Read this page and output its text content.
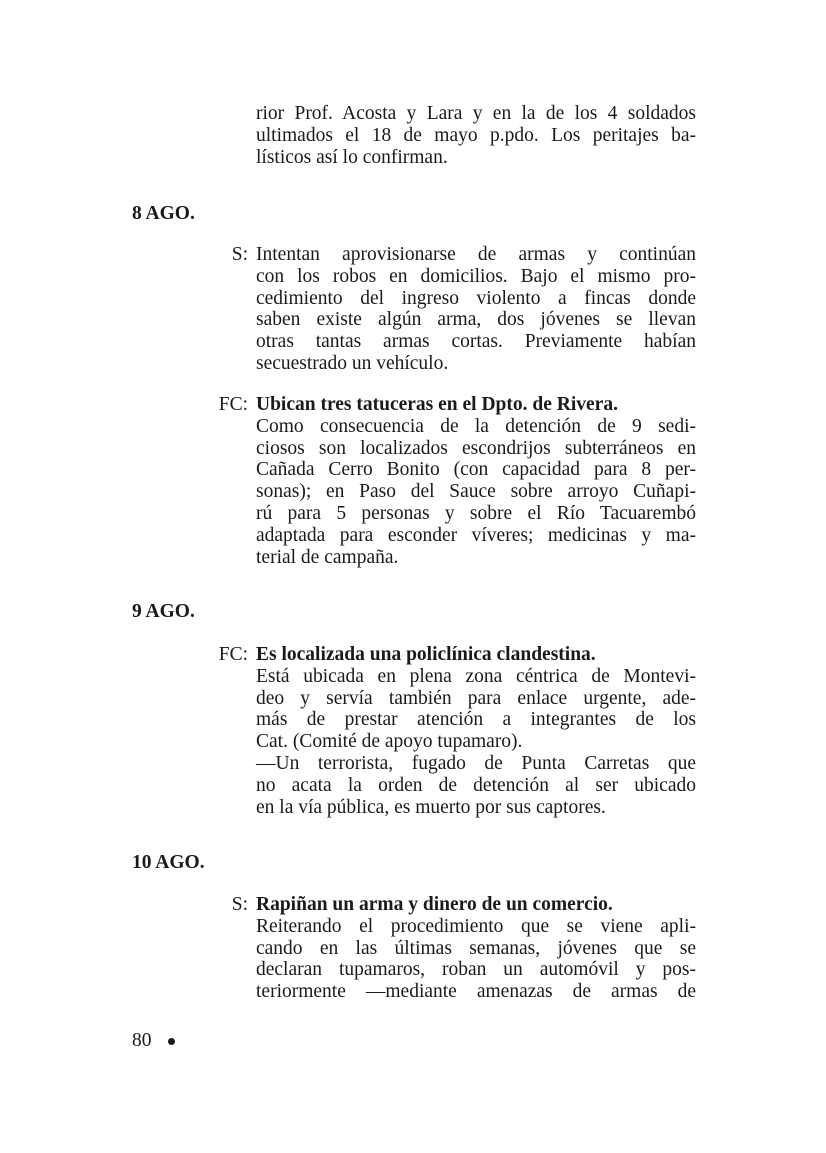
rior Prof. Acosta y Lara y en la de los 4 soldados
ultimados el 18 de mayo p.pdo. Los peritajes ba-
lísticos así lo confirman.
8 AGO.
S: Intentan aprovisionarse de armas y continúan
con los robos en domicilios. Bajo el mismo pro-
cedimiento del ingreso violento a fincas donde
saben existe algún arma, dos jóvenes se llevan
otras tantas armas cortas. Previamente habían
secuestrado un vehículo.
FC: Ubican tres tatuceras en el Dpto. de Rivera.
Como consecuencia de la detención de 9 sedi-
ciosos son localizados escondrijos subterráneos en
Cañada Cerro Bonito (con capacidad para 8 per-
sonas); en Paso del Sauce sobre arroyo Cuñapi-
rú para 5 personas y sobre el Río Tacuarembó
adaptada para esconder víveres; medicinas y ma-
terial de campaña.
9 AGO.
FC: Es localizada una policlínica clandestina.
Está ubicada en plena zona céntrica de Montevi-
deo y servía también para enlace urgente, ade-
más de prestar atención a integrantes de los
Cat. (Comité de apoyo tupamaro).
—Un terrorista, fugado de Punta Carretas que
no acata la orden de detención al ser ubicado
en la vía pública, es muerto por sus captores.
10 AGO.
S: Rapiñan un arma y dinero de un comercio.
Reiterando el procedimiento que se viene apli-
cando en las últimas semanas, jóvenes que se
declaran tupamaros, roban un automóvil y pos-
teriormente —mediante amenazas de armas de
80
